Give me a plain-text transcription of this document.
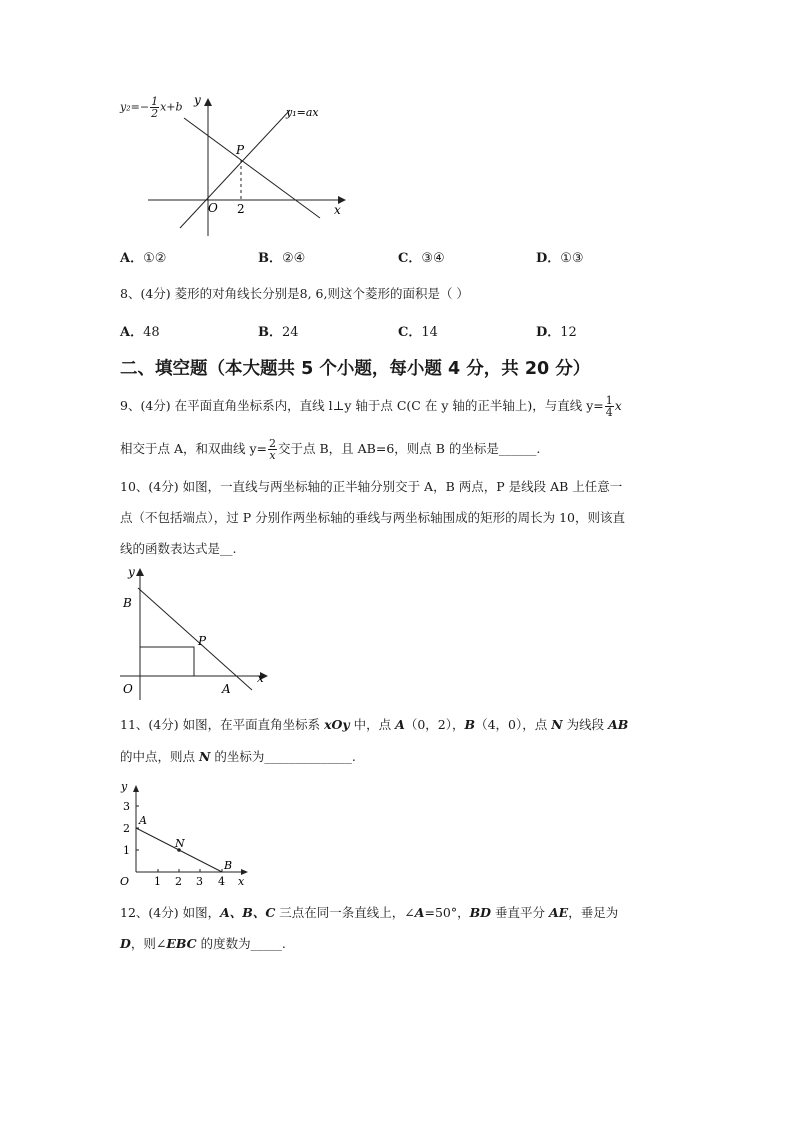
y
x
O
P
2
y₁=ax
$y_2=- \frac{1}{2} x+b$
A．①②	B．②④	C．③④	D．①③
8、(4分) 菱形的对角线长分别是8, 6,则这个菱形的面积是（ ）
A．48	B．24	C．14	D．12
二、填空题（本大题共 5 个小题，每小题 4 分，共 20 分）
9、(4分) 在平面直角坐标系内，直线 l⊥y 轴于点 C(C 在 y 轴的正半轴上)，与直线 $y= \frac{1}{4}$ x
相交于点 A，和双曲线 $y= \frac{2}{x}$ 交于点 B，且 AB=6，则点 B 的坐标是______.
10、(4分) 如图，一直线与两坐标轴的正半轴分别交于 A，B 两点，P 是线段 AB 上任意一
点（不包括端点），过 P 分别作两坐标轴的垂线与两坐标轴围成的矩形的周长为 10，则该直
线的函数表达式是__.
y
x
B
P
O	A
11、(4分) 如图，在平面直角坐标系 xOy 中，点 A（0，2），B（4，0），点 N 为线段 AB
的中点，则点 N 的坐标为______________.
y
x
O
3
2
1
1 2 3 4
A
N
B
12、(4分) 如图，A、B、C 三点在同一条直线上，∠A=50°，BD 垂直平分 AE，垂足为
D，则∠EBC 的度数为_____.
